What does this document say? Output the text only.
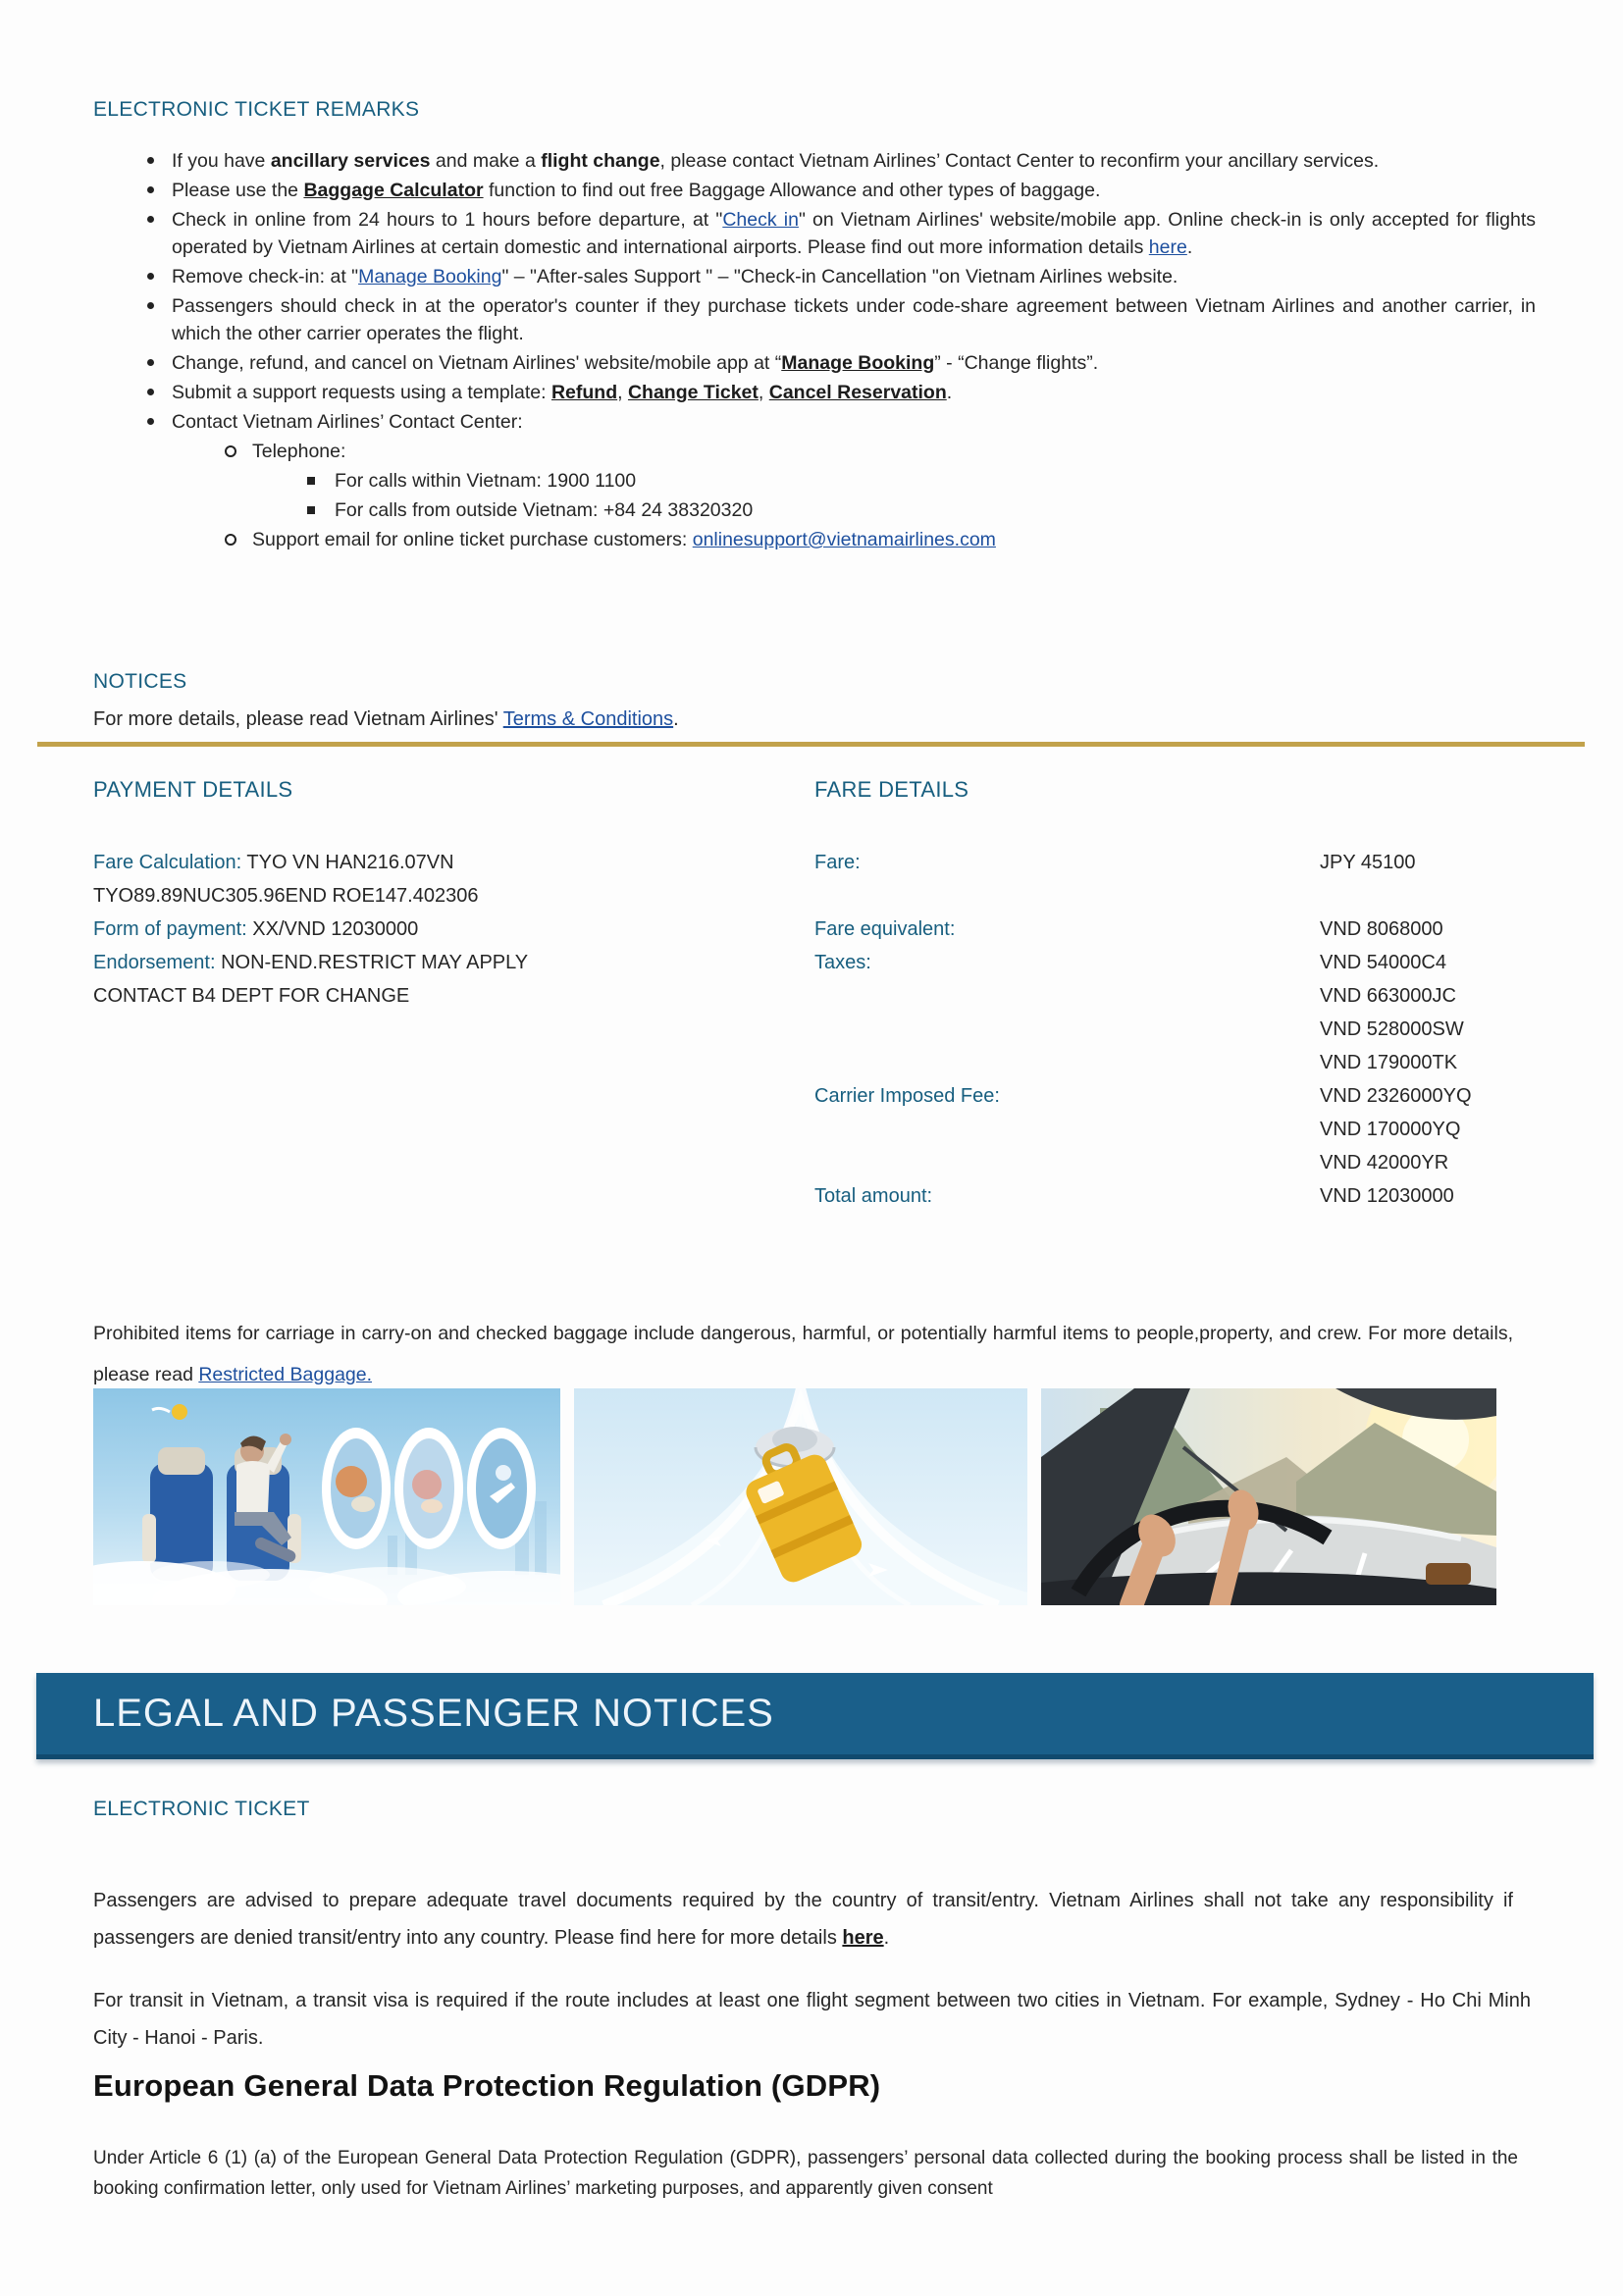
ELECTRONIC TICKET REMARKS
If you have ancillary services and make a flight change, please contact Vietnam Airlines’ Contact Center to reconfirm your ancillary services.
Please use the Baggage Calculator function to find out free Baggage Allowance and other types of baggage.
Check in online from 24 hours to 1 hours before departure, at "Check in" on Vietnam Airlines' website/mobile app. Online check-in is only accepted for flights operated by Vietnam Airlines at certain domestic and international airports. Please find out more information details here.
Remove check-in: at "Manage Booking" – "After-sales Support " – "Check-in Cancellation "on Vietnam Airlines website.
Passengers should check in at the operator's counter if they purchase tickets under code-share agreement between Vietnam Airlines and another carrier, in which the other carrier operates the flight.
Change, refund, and cancel on Vietnam Airlines' website/mobile app at “Manage Booking” - “Change flights”.
Submit a support requests using a template: Refund, Change Ticket, Cancel Reservation.
Contact Vietnam Airlines’ Contact Center:
Telephone:
For calls within Vietnam: 1900 1100
For calls from outside Vietnam: +84 24 38320320
Support email for online ticket purchase customers: onlinesupport@vietnamairlines.com
NOTICES
For more details, please read Vietnam Airlines' Terms & Conditions.
PAYMENT DETAILS	FARE DETAILS
Fare Calculation: TYO VN HAN216.07VN TYO89.89NUC305.96END ROE147.402306
Form of payment: XX/VND 12030000
Endorsement: NON-END.RESTRICT MAY APPLY CONTACT B4 DEPT FOR CHANGE
Fare:	JPY 45100
Fare equivalent:	VND 8068000
Taxes:	VND 54000C4
VND 663000JC
VND 528000SW
VND 179000TK
Carrier Imposed Fee:	VND 2326000YQ
VND 170000YQ
VND 42000YR
Total amount:	VND 12030000
Prohibited items for carriage in carry-on and checked baggage include dangerous, harmful, or potentially harmful items to people,property, and crew. For more details, please read Restricted Baggage.
LEGAL AND PASSENGER NOTICES
ELECTRONIC TICKET
Passengers are advised to prepare adequate travel documents required by the country of transit/entry. Vietnam Airlines shall not take any responsibility if passengers are denied transit/entry into any country. Please find here for more details here.
For transit in Vietnam, a transit visa is required if the route includes at least one flight segment between two cities in Vietnam. For example, Sydney - Ho Chi Minh City - Hanoi - Paris.
European General Data Protection Regulation (GDPR)
Under Article 6 (1) (a) of the European General Data Protection Regulation (GDPR), passengers’ personal data collected during the booking process shall be listed in the booking confirmation letter, only used for Vietnam Airlines’ marketing purposes, and apparently given consent
